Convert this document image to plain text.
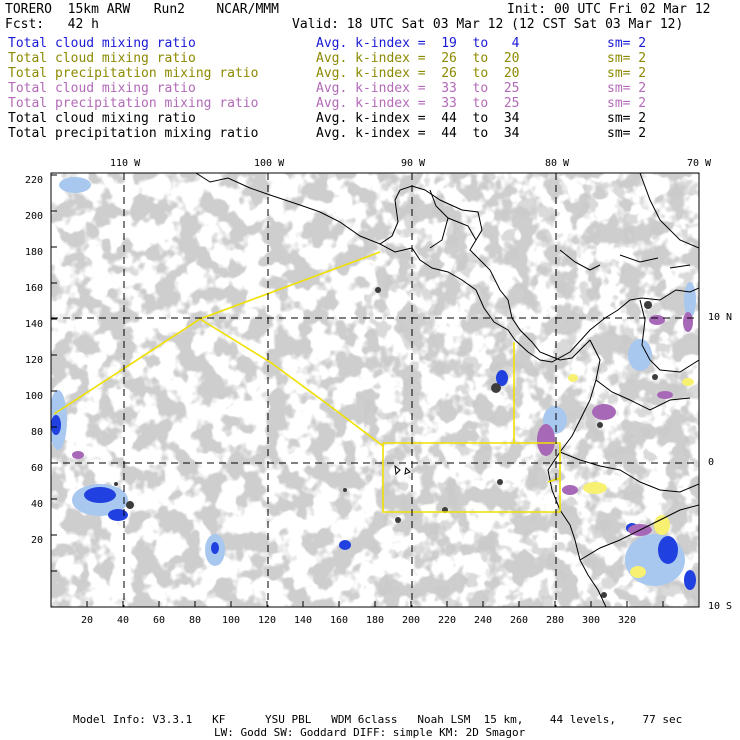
TORERO  15km ARW   Run2    NCAR/MMM	Init: 00 UTC Fri 02 Mar 12
Fcst:   42 h	Valid: 18 UTC Sat 03 Mar 12 (12 CST Sat 03 Mar 12)
Total cloud mixing ratio	Avg. k-index =  19  to   4	sm= 2
Total cloud mixing ratio	Avg. k-index =  26  to  20	sm= 2
Total precipitation mixing ratio	Avg. k-index =  26  to  20	sm= 2
Total cloud mixing ratio	Avg. k-index =  33  to  25	sm= 2
Total precipitation mixing ratio	Avg. k-index =  33  to  25	sm= 2
Total cloud mixing ratio	Avg. k-index =  44  to  34	sm= 2
Total precipitation mixing ratio	Avg. k-index =  44  to  34	sm= 2
110 W	100 W	90 W	80 W	70 W
10 N
0
10 S
20 40 60 80 100 120 140 160 180 200 220 240 260 280 300 320
220
200
180
160
140
120
100
80
60
40
20
Model Info: V3.3.1   KF      YSU PBL   WDM 6class   Noah LSM  15 km,    44 levels,    77 sec
LW: Godd SW: Goddard DIFF: simple KM: 2D Smagor
